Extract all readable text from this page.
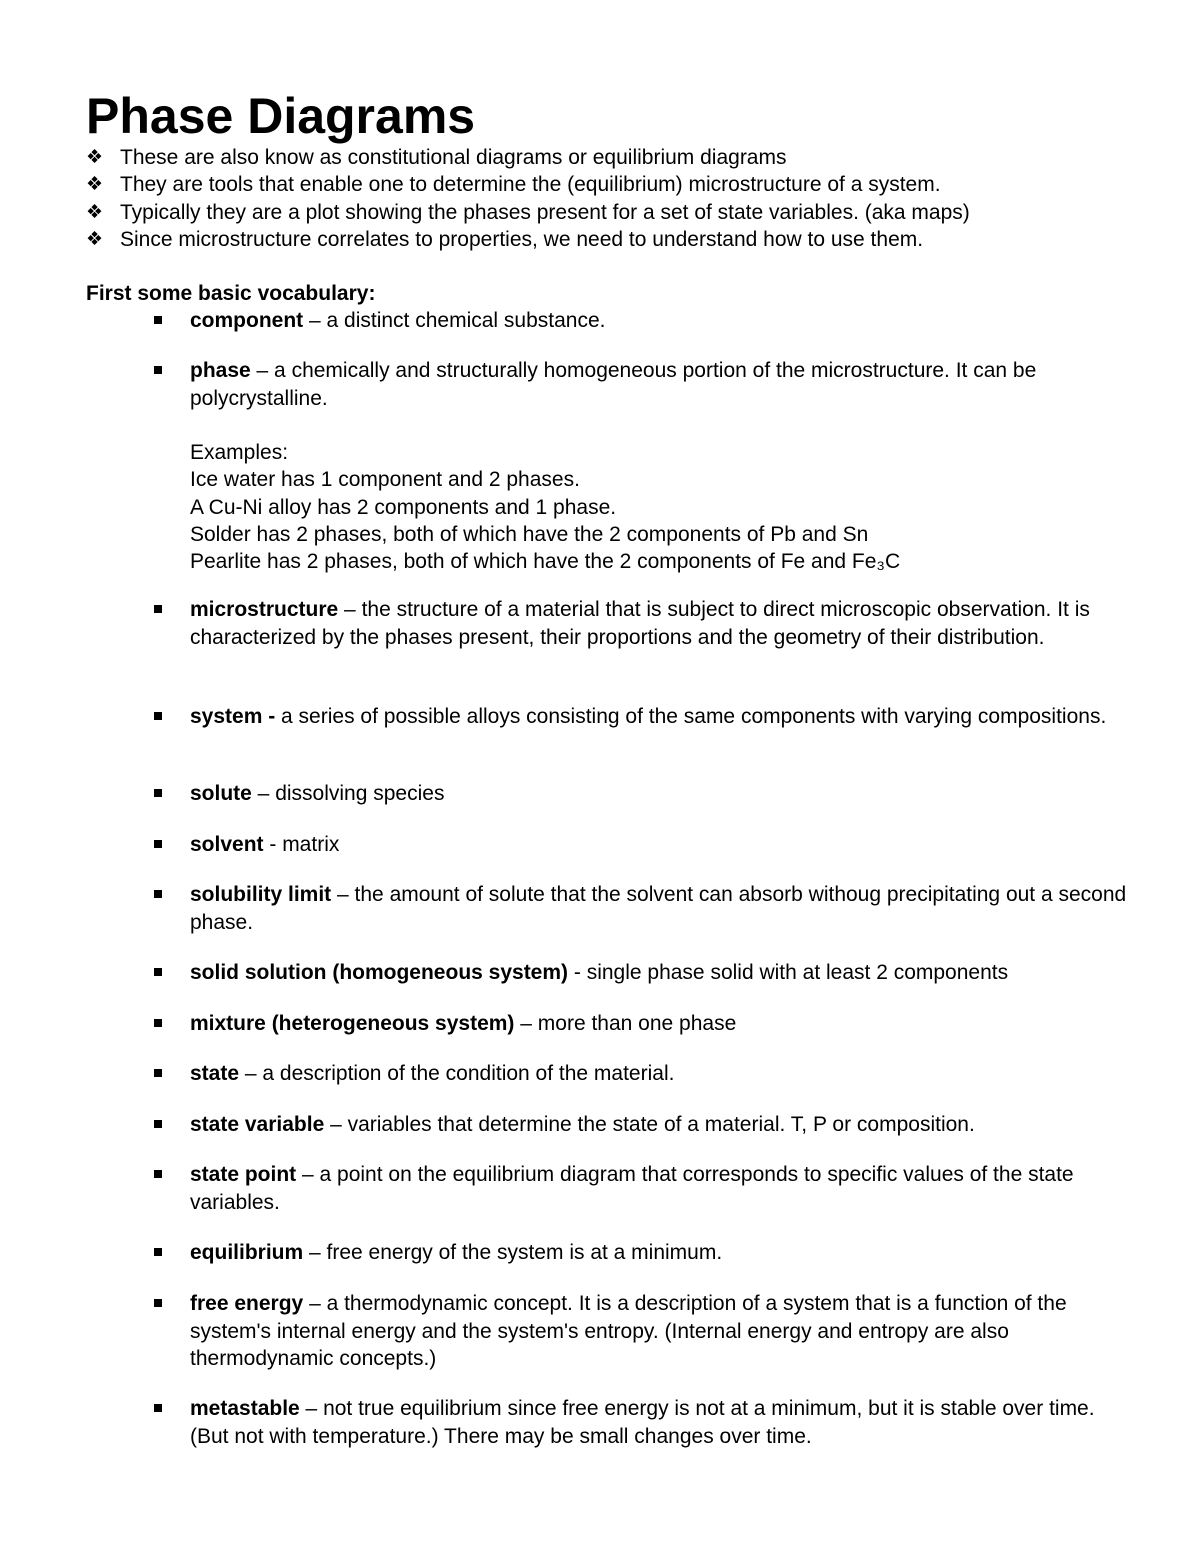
Phase Diagrams
❖ These are also know as constitutional diagrams or equilibrium diagrams
❖ They are tools that enable one to determine the (equilibrium) microstructure of a system.
❖ Typically they are a plot showing the phases present for a set of state variables. (aka maps)
❖ Since microstructure correlates to properties, we need to understand how to use them.

First some basic vocabulary:

component – a distinct chemical substance.
phase – a chemically and structurally homogeneous portion of the microstructure. It can be polycrystalline.
Examples:
Ice water has 1 component and 2 phases.
A Cu-Ni alloy has 2 components and 1 phase.
Solder has 2 phases, both of which have the 2 components of Pb and Sn
Pearlite has 2 phases, both of which have the 2 components of Fe and Fe₃C
microstructure – the structure of a material that is subject to direct microscopic observation. It is characterized by the phases present, their proportions and the geometry of their distribution.
system - a series of possible alloys consisting of the same components with varying compositions.
solute – dissolving species
solvent - matrix
solubility limit – the amount of solute that the solvent can absorb withoug precipitating out a second phase.
solid solution (homogeneous system) - single phase solid with at least 2 components
mixture (heterogeneous system) – more than one phase
state – a description of the condition of the material.
state variable – variables that determine the state of a material. T, P or composition.
state point – a point on the equilibrium diagram that corresponds to specific values of the state variables.
equilibrium – free energy of the system is at a minimum.
free energy – a thermodynamic concept. It is a description of a system that is a function of the system's internal energy and the system's entropy. (Internal energy and entropy are also thermodynamic concepts.)
metastable – not true equilibrium since free energy is not at a minimum, but it is stable over time. (But not with temperature.) There may be small changes over time.
